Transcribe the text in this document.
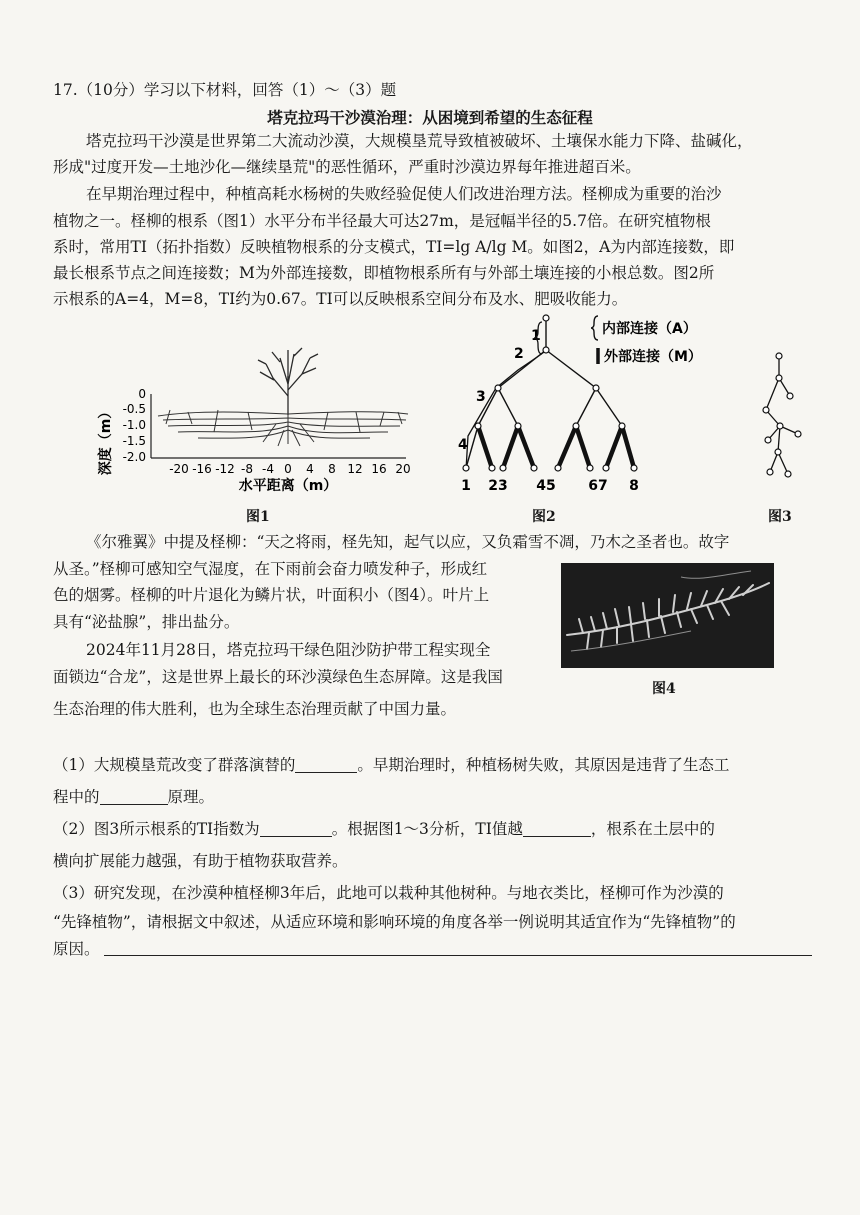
17.（10分）学习以下材料，回答（1）～（3）题
塔克拉玛干沙漠治理：从困境到希望的生态征程
塔克拉玛干沙漠是世界第二大流动沙漠，大规模垦荒导致植被破坏、土壤保水能力下降、盐碱化，
形成"过度开发—土地沙化—继续垦荒"的恶性循环，严重时沙漠边界每年推进超百米。
在早期治理过程中，种植高耗水杨树的失败经验促使人们改进治理方法。柽柳成为重要的治沙
植物之一。柽柳的根系（图1）水平分布半径最大可达27m，是冠幅半径的5.7倍。在研究植物根
系时，常用TI（拓扑指数）反映植物根系的分支模式，TI=lg A/lg M。如图2，A为内部连接数，即
最长根系节点之间连接数；M为外部连接数，即植物根系所有与外部土壤连接的小根总数。图2所
示根系的A=4，M=8，TI约为0.67。TI可以反映根系空间分布及水、肥吸收能力。
深度（m）
0
-0.5
-1.0
-1.5
-2.0
-20 -16 -12 -8 -4 0 4 8 12 16 20
水平距离（m）
图1
1
2
3
4
1 23 45 67 8
内部连接（A）
外部连接（M）
图2	图3
《尔雅翼》中提及柽柳：“天之将雨，柽先知，起气以应，又负霜雪不凋，乃木之圣者也。故字
从圣。”柽柳可感知空气湿度，在下雨前会奋力喷发种子，形成红
色的烟雾。柽柳的叶片退化为鳞片状，叶面积小（图4）。叶片上
具有“泌盐腺”，排出盐分。
图4
2024年11月28日，塔克拉玛干绿色阻沙防护带工程实现全
面锁边“合龙”，这是世界上最长的环沙漠绿色生态屏障。这是我国
生态治理的伟大胜利，也为全球生态治理贡献了中国力量。
（1）大规模垦荒改变了群落演替的	。早期治理时，种植杨树失败，其原因是违背了生态工
程中的	原理。
（2）图3所示根系的TI指数为	。根据图1～3分析，TI值越	，根系在土层中的
横向扩展能力越强，有助于植物获取营养。
（3）研究发现，在沙漠种植柽柳3年后，此地可以栽种其他树种。与地衣类比，柽柳可作为沙漠的
“先锋植物”，请根据文中叙述，从适应环境和影响环境的角度各举一例说明其适宜作为“先锋植物”的
原因。
